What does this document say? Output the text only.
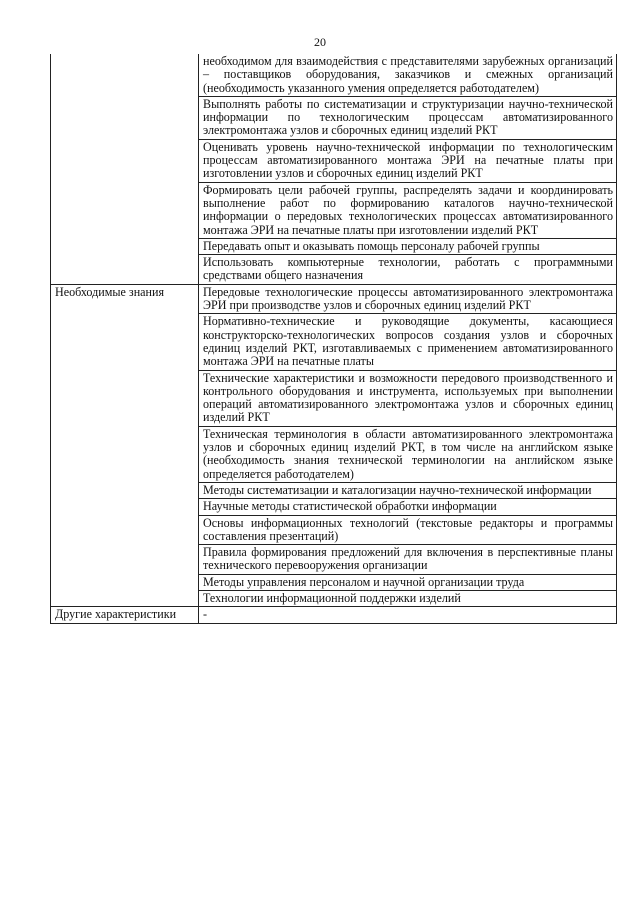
20
	необходимом для взаимодействия с представителями зарубежных организаций – поставщиков оборудования, заказчиков и смежных организаций (необходимость указанного умения определяется работодателем)
	Выполнять работы по систематизации и структуризации научно-технической информации по технологическим процессам автоматизированного электромонтажа узлов и сборочных единиц изделий РКТ
	Оценивать уровень научно-технической информации по технологическим процессам автоматизированного монтажа ЭРИ на печатные платы при изготовлении узлов и сборочных единиц изделий РКТ
	Формировать цели рабочей группы, распределять задачи и координировать выполнение работ по формированию каталогов научно-технической информации о передовых технологических процессах автоматизированного монтажа ЭРИ на печатные платы при изготовлении изделий РКТ
	Передавать опыт и оказывать помощь персоналу рабочей группы
	Использовать компьютерные технологии, работать с программными средствами общего назначения
Необходимые знания	Передовые технологические процессы автоматизированного электромонтажа ЭРИ при производстве узлов и сборочных единиц изделий РКТ
	Нормативно-технические и руководящие документы, касающиеся конструкторско-технологических вопросов создания узлов и сборочных единиц изделий РКТ, изготавливаемых с применением автоматизированного монтажа ЭРИ на печатные платы
	Технические характеристики и возможности передового производственного и контрольного оборудования и инструмента, используемых при выполнении операций автоматизированного электромонтажа узлов и сборочных единиц изделий РКТ
	Техническая терминология в области автоматизированного электромонтажа узлов и сборочных единиц изделий РКТ, в том числе на английском языке (необходимость знания технической терминологии на английском языке определяется работодателем)
	Методы систематизации и каталогизации научно-технической информации
	Научные методы статистической обработки информации
	Основы информационных технологий (текстовые редакторы и программы составления презентаций)
	Правила формирования предложений для включения в перспективные планы технического перевооружения организации
	Методы управления персоналом и научной организации труда
	Технологии информационной поддержки изделий
Другие характеристики	-
